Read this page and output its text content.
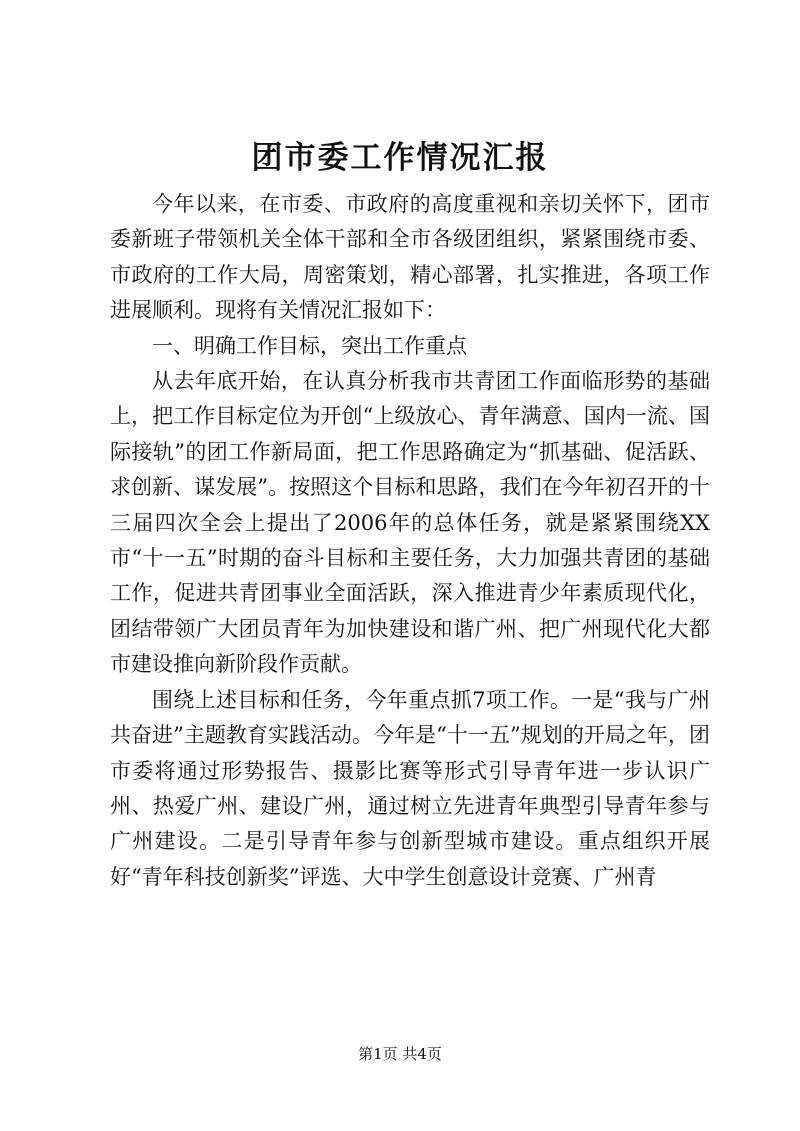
团市委工作情况汇报

今年以来，在市委、市政府的高度重视和亲切关怀下，团市委新班子带领机关全体干部和全市各级团组织，紧紧围绕市委、市政府的工作大局，周密策划，精心部署，扎实推进，各项工作进展顺利。现将有关情况汇报如下：

一、明确工作目标，突出工作重点

从去年底开始，在认真分析我市共青团工作面临形势的基础上，把工作目标定位为开创“上级放心、青年满意、国内一流、国际接轨”的团工作新局面，把工作思路确定为“抓基础、促活跃、求创新、谋发展”。按照这个目标和思路，我们在今年初召开的十三届四次全会上提出了2006年的总体任务，就是紧紧围绕XX市“十一五”时期的奋斗目标和主要任务，大力加强共青团的基础工作，促进共青团事业全面活跃，深入推进青少年素质现代化，团结带领广大团员青年为加快建设和谐广州、把广州现代化大都市建设推向新阶段作贡献。

围绕上述目标和任务，今年重点抓7项工作。一是“我与广州共奋进”主题教育实践活动。今年是“十一五”规划的开局之年，团市委将通过形势报告、摄影比赛等形式引导青年进一步认识广州、热爱广州、建设广州，通过树立先进青年典型引导青年参与广州建设。二是引导青年参与创新型城市建设。重点组织开展好“青年科技创新奖”评选、大中学生创意设计竞赛、广州青

第1页 共4页
